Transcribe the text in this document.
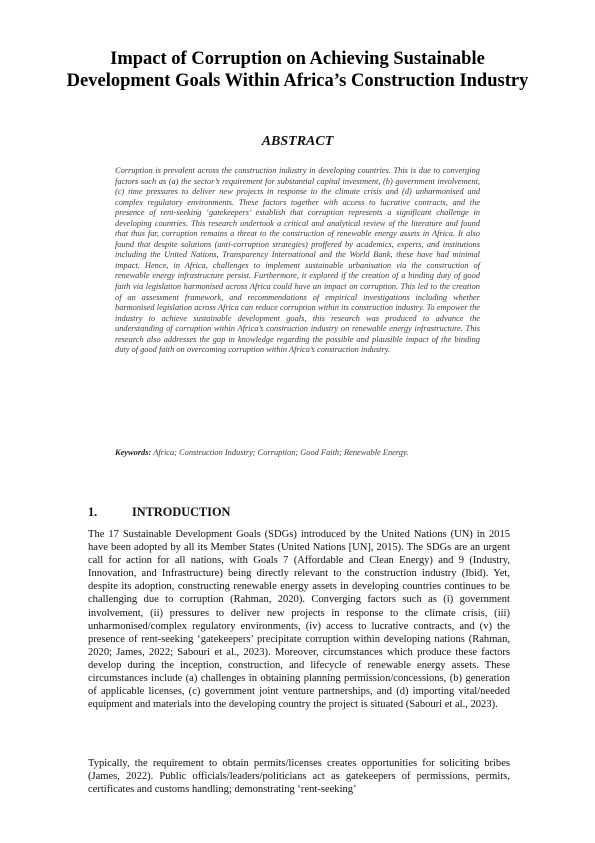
Impact of Corruption on Achieving Sustainable Development Goals Within Africa’s Construction Industry
ABSTRACT
Corruption is prevalent across the construction industry in developing countries. This is due to converging factors such as (a) the sector’s requirement for substantial capital investment, (b) government involvement, (c) time pressures to deliver new projects in response to the climate crisis and (d) unharmonised and complex regulatory environments. These factors together with access to lucrative contracts, and the presence of rent-seeking ‘gatekeepers’ establish that corruption represents a significant challenge in developing countries. This research undertook a critical and analytical review of the literature and found that thus far, corruption remains a threat to the construction of renewable energy assets in Africa. It also found that despite solutions (anti-corruption strategies) proffered by academics, experts, and institutions including the United Nations, Transparency International and the World Bank, these have had minimal impact. Hence, in Africa, challenges to implement sustainable urbanisation via the construction of renewable energy infrastructure persist. Furthermore, it explored if the creation of a binding duty of good faith via legislation harmonised across Africa could have an impact on corruption. This led to the creation of an assessment framework, and recommendations of empirical investigations including whether harmonised legislation across Africa can reduce corruption within its construction industry. To empower the industry to achieve sustainable development goals, this research was produced to advance the understanding of corruption within Africa’s construction industry on renewable energy infrastructure. This research also addresses the gap in knowledge regarding the possible and plausible impact of the binding duty of good faith on overcoming corruption within Africa’s construction industry.
Keywords: Africa; Construction Industry; Corruption; Good Faith; Renewable Energy.
1.	INTRODUCTION
The 17 Sustainable Development Goals (SDGs) introduced by the United Nations (UN) in 2015 have been adopted by all its Member States (United Nations [UN], 2015). The SDGs are an urgent call for action for all nations, with Goals 7 (Affordable and Clean Energy) and 9 (Industry, Innovation, and Infrastructure) being directly relevant to the construction industry (Ibid). Yet, despite its adoption, constructing renewable energy assets in developing countries continues to be challenging due to corruption (Rahman, 2020). Converging factors such as (i) government involvement, (ii) pressures to deliver new projects in response to the climate crisis, (iii) unharmonised/complex regulatory environments, (iv) access to lucrative contracts, and (v) the presence of rent-seeking ‘gatekeepers’ precipitate corruption within developing nations (Rahman, 2020; James, 2022; Sabouri et al., 2023). Moreover, circumstances which produce these factors develop during the inception, construction, and lifecycle of renewable energy assets. These circumstances include (a) challenges in obtaining planning permission/concessions, (b) generation of applicable licenses, (c) government joint venture partnerships, and (d) importing vital/needed equipment and materials into the developing country the project is situated (Sabouri et al., 2023).
Typically, the requirement to obtain permits/licenses creates opportunities for soliciting bribes (James, 2022). Public officials/leaders/politicians act as gatekeepers of permissions, permits, certificates and customs handling; demonstrating ‘rent-seeking’
